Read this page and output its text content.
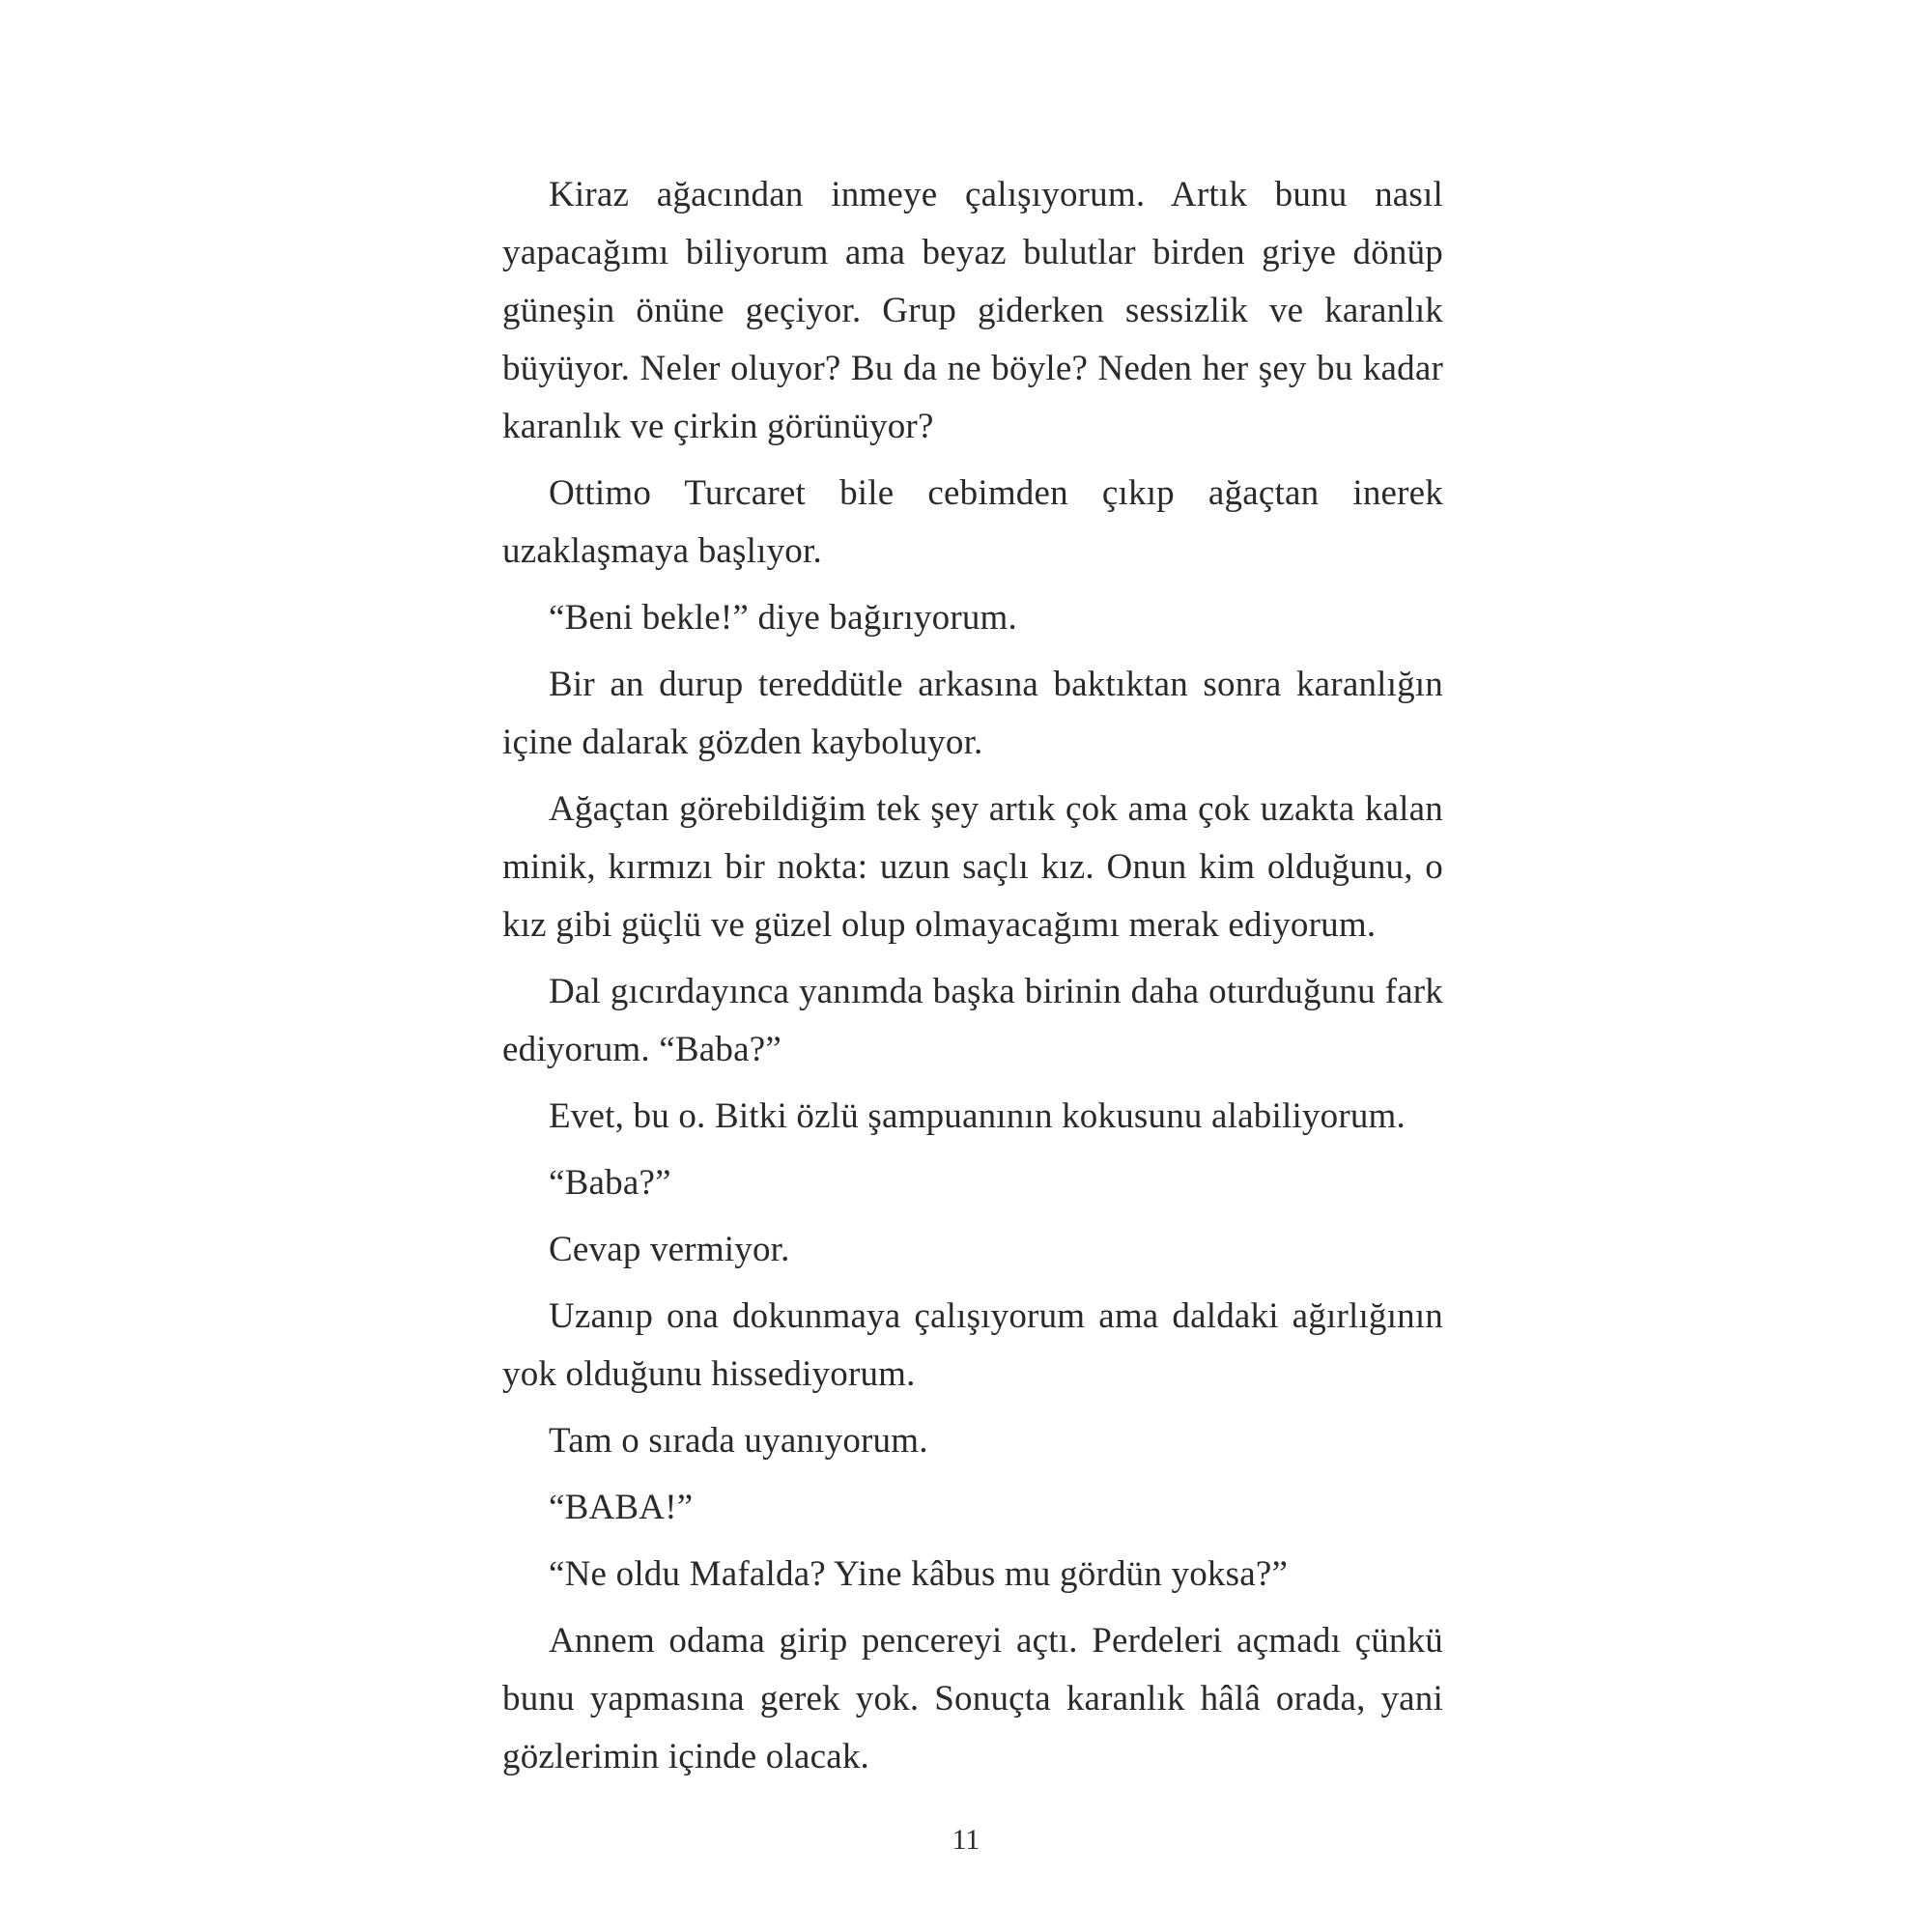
Kiraz ağacından inmeye çalışıyorum. Artık bunu nasıl yapacağımı biliyorum ama beyaz bulutlar birden griye dönüp güneşin önüne geçiyor. Grup giderken sessizlik ve karanlık büyüyor. Neler oluyor? Bu da ne böyle? Neden her şey bu kadar karanlık ve çirkin görünüyor?

Ottimo Turcaret bile cebimden çıkıp ağaçtan inerek uzaklaşmaya başlıyor.

“Beni bekle!” diye bağırıyorum.

Bir an durup tereddütle arkasına baktıktan sonra karanlığın içine dalarak gözden kayboluyor.

Ağaçtan görebildiğim tek şey artık çok ama çok uzakta kalan minik, kırmızı bir nokta: uzun saçlı kız. Onun kim olduğunu, o kız gibi güçlü ve güzel olup olmayacağımı merak ediyorum.

Dal gıcırdayınca yanımda başka birinin daha oturduğunu fark ediyorum. “Baba?”

Evet, bu o. Bitki özlü şampuanının kokusunu alabiliyorum.

“Baba?”

Cevap vermiyor.

Uzanıp ona dokunmaya çalışıyorum ama daldaki ağırlığının yok olduğunu hissediyorum.

Tam o sırada uyanıyorum.

“BABA!”

“Ne oldu Mafalda? Yine kâbus mu gördün yoksa?”

Annem odama girip pencereyi açtı. Perdeleri açmadı çünkü bunu yapmasına gerek yok. Sonuçta karanlık hâlâ orada, yani gözlerimin içinde olacak.

11
